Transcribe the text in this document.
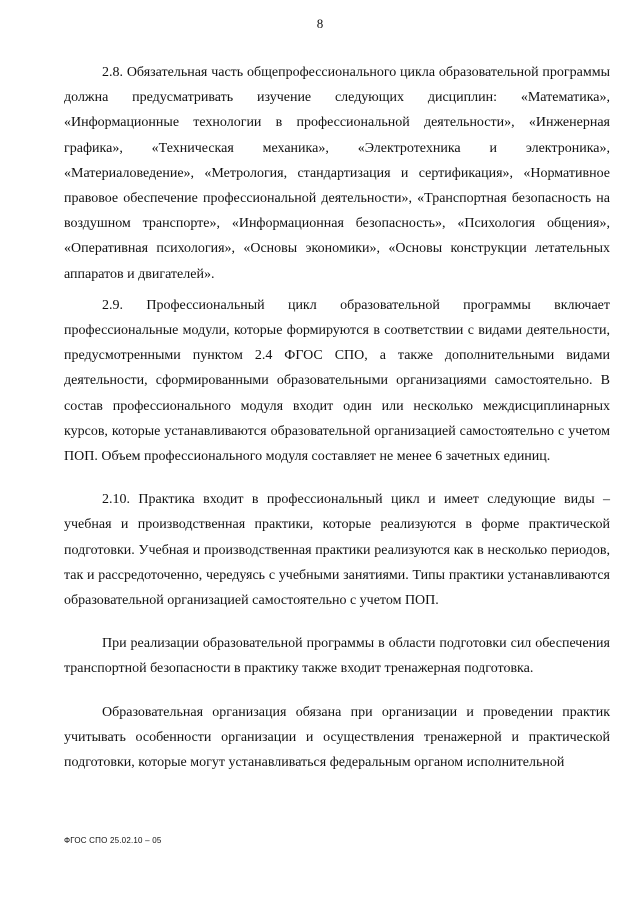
8

2.8. Обязательная часть общепрофессионального цикла образовательной программы должна предусматривать изучение следующих дисциплин: «Математика», «Информационные технологии в профессиональной деятельности», «Инженерная графика», «Техническая механика», «Электротехника и электроника», «Материаловедение», «Метрология, стандартизация и сертификация», «Нормативное правовое обеспечение профессиональной деятельности», «Транспортная безопасность на воздушном транспорте», «Информационная безопасность», «Психология общения», «Оперативная психология», «Основы экономики», «Основы конструкции летательных аппаратов и двигателей».

2.9. Профессиональный цикл образовательной программы включает профессиональные модули, которые формируются в соответствии с видами деятельности, предусмотренными пунктом 2.4 ФГОС СПО, а также дополнительными видами деятельности, сформированными образовательными организациями самостоятельно. В состав профессионального модуля входит один или несколько междисциплинарных курсов, которые устанавливаются образовательной организацией самостоятельно с учетом ПОП. Объем профессионального модуля составляет не менее 6 зачетных единиц.

2.10. Практика входит в профессиональный цикл и имеет следующие виды – учебная и производственная практики, которые реализуются в форме практической подготовки. Учебная и производственная практики реализуются как в несколько периодов, так и рассредоточенно, чередуясь с учебными занятиями. Типы практики устанавливаются образовательной организацией самостоятельно с учетом ПОП.

При реализации образовательной программы в области подготовки сил обеспечения транспортной безопасности в практику также входит тренажерная подготовка.

Образовательная организация обязана при организации и проведении практик учитывать особенности организации и осуществления тренажерной и практической подготовки, которые могут устанавливаться федеральным органом исполнительной

ФГОС СПО 25.02.10 – 05
